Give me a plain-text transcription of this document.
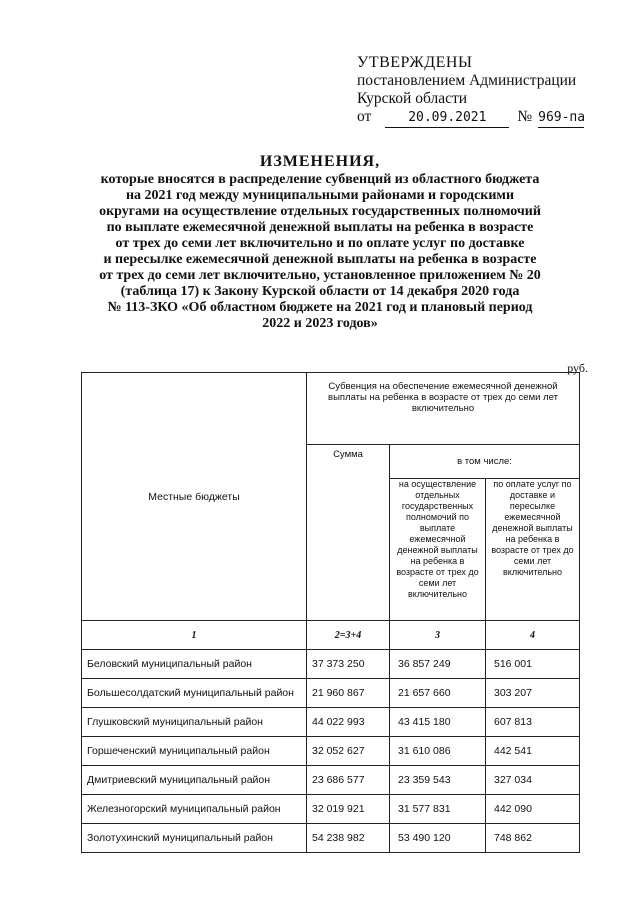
УТВЕРЖДЕНЫ
постановлением Администрации
Курской области
от	20.09.2021	№ 969-па
ИЗМЕНЕНИЯ,
которые вносятся в распределение субвенций из областного бюджета
на 2021 год между муниципальными районами и городскими
округами на осуществление отдельных государственных полномочий
по выплате ежемесячной денежной выплаты на ребенка в возрасте
от трех до семи лет включительно и по оплате услуг по доставке
и пересылке ежемесячной денежной выплаты на ребенка в возрасте
от трех до семи лет включительно, установленное приложением № 20
(таблица 17) к Закону Курской области от 14 декабря 2020 года
№ 113-ЗКО «Об областном бюджете на 2021 год и плановый период
2022 и 2023 годов»
руб.
Местные бюджеты	Субвенция на обеспечение ежемесячной денежной выплаты на ребенка в возрасте от трех до семи лет включительно		
	Сумма	в том числе:	
		на осуществление отдельных государственных полномочий по выплате ежемесячной денежной выплаты на ребенка в возрасте от трех до семи лет включительно	по оплате услуг по доставке и пересылке ежемесячной денежной выплаты на ребенка в возрасте от трех до семи лет включительно
1	2=3+4	3	4
Беловский муниципальный район	37 373 250	36 857 249	516 001
Большесолдатский муниципальный район	21 960 867	21 657 660	303 207
Глушковский муниципальный район	44 022 993	43 415 180	607 813
Горшеченский муниципальный район	32 052 627	31 610 086	442 541
Дмитриевский муниципальный район	23 686 577	23 359 543	327 034
Железногорский муниципальный район	32 019 921	31 577 831	442 090
Золотухинский муниципальный район	54 238 982	53 490 120	748 862
